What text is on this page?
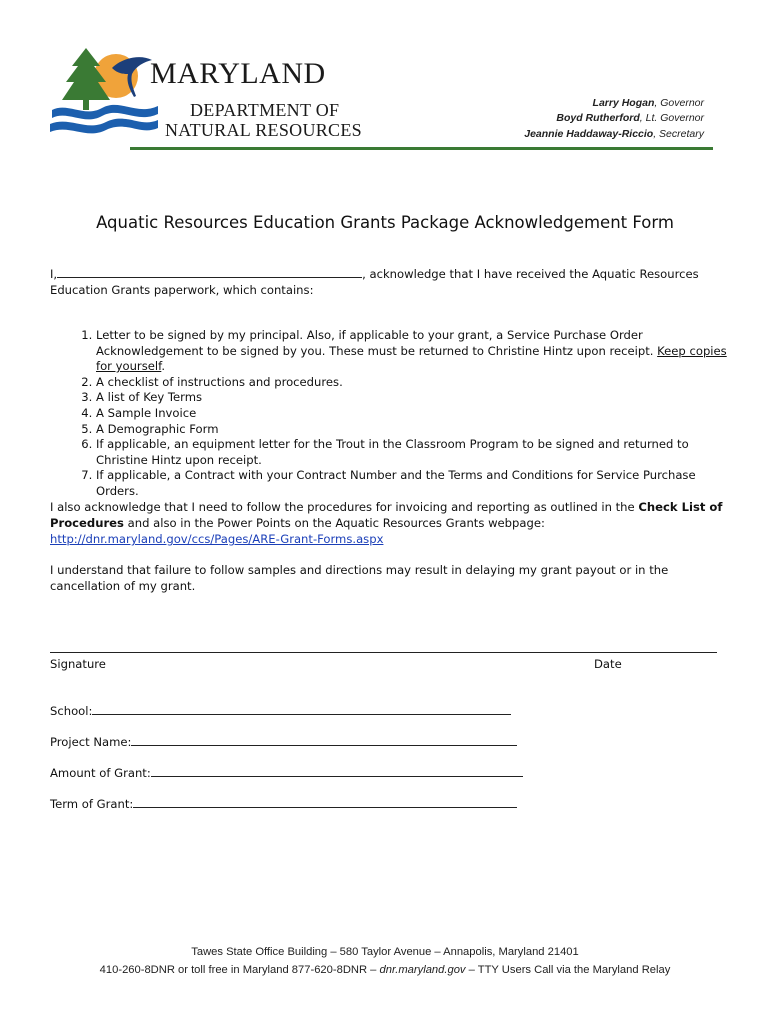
MARYLAND
DEPARTMENT OF
NATURAL RESOURCES
Larry Hogan, Governor
Boyd Rutherford, Lt. Governor
Jeannie Haddaway-Riccio, Secretary
Aquatic Resources Education Grants Package Acknowledgement Form
I,	, acknowledge that I have received the Aquatic Resources Education Grants paperwork, which contains:
1. Letter to be signed by my principal. Also, if applicable to your grant, a Service Purchase Order Acknowledgement to be signed by you. These must be returned to Christine Hintz upon receipt. Keep copies for yourself.
2. A checklist of instructions and procedures.
3. A list of Key Terms
4. A Sample Invoice
5. A Demographic Form
6. If applicable, an equipment letter for the Trout in the Classroom Program to be signed and returned to Christine Hintz upon receipt.
7. If applicable, a Contract with your Contract Number and the Terms and Conditions for Service Purchase Orders.
I also acknowledge that I need to follow the procedures for invoicing and reporting as outlined in the Check List of Procedures and also in the Power Points on the Aquatic Resources Grants webpage:
http://dnr.maryland.gov/ccs/Pages/ARE-Grant-Forms.aspx
I understand that failure to follow samples and directions may result in delaying my grant payout or in the cancellation of my grant.
Signature	Date
School:
Project Name:
Amount of Grant:
Term of Grant:
Tawes State Office Building – 580 Taylor Avenue – Annapolis, Maryland 21401
410-260-8DNR or toll free in Maryland 877-620-8DNR – dnr.maryland.gov – TTY Users Call via the Maryland Relay
